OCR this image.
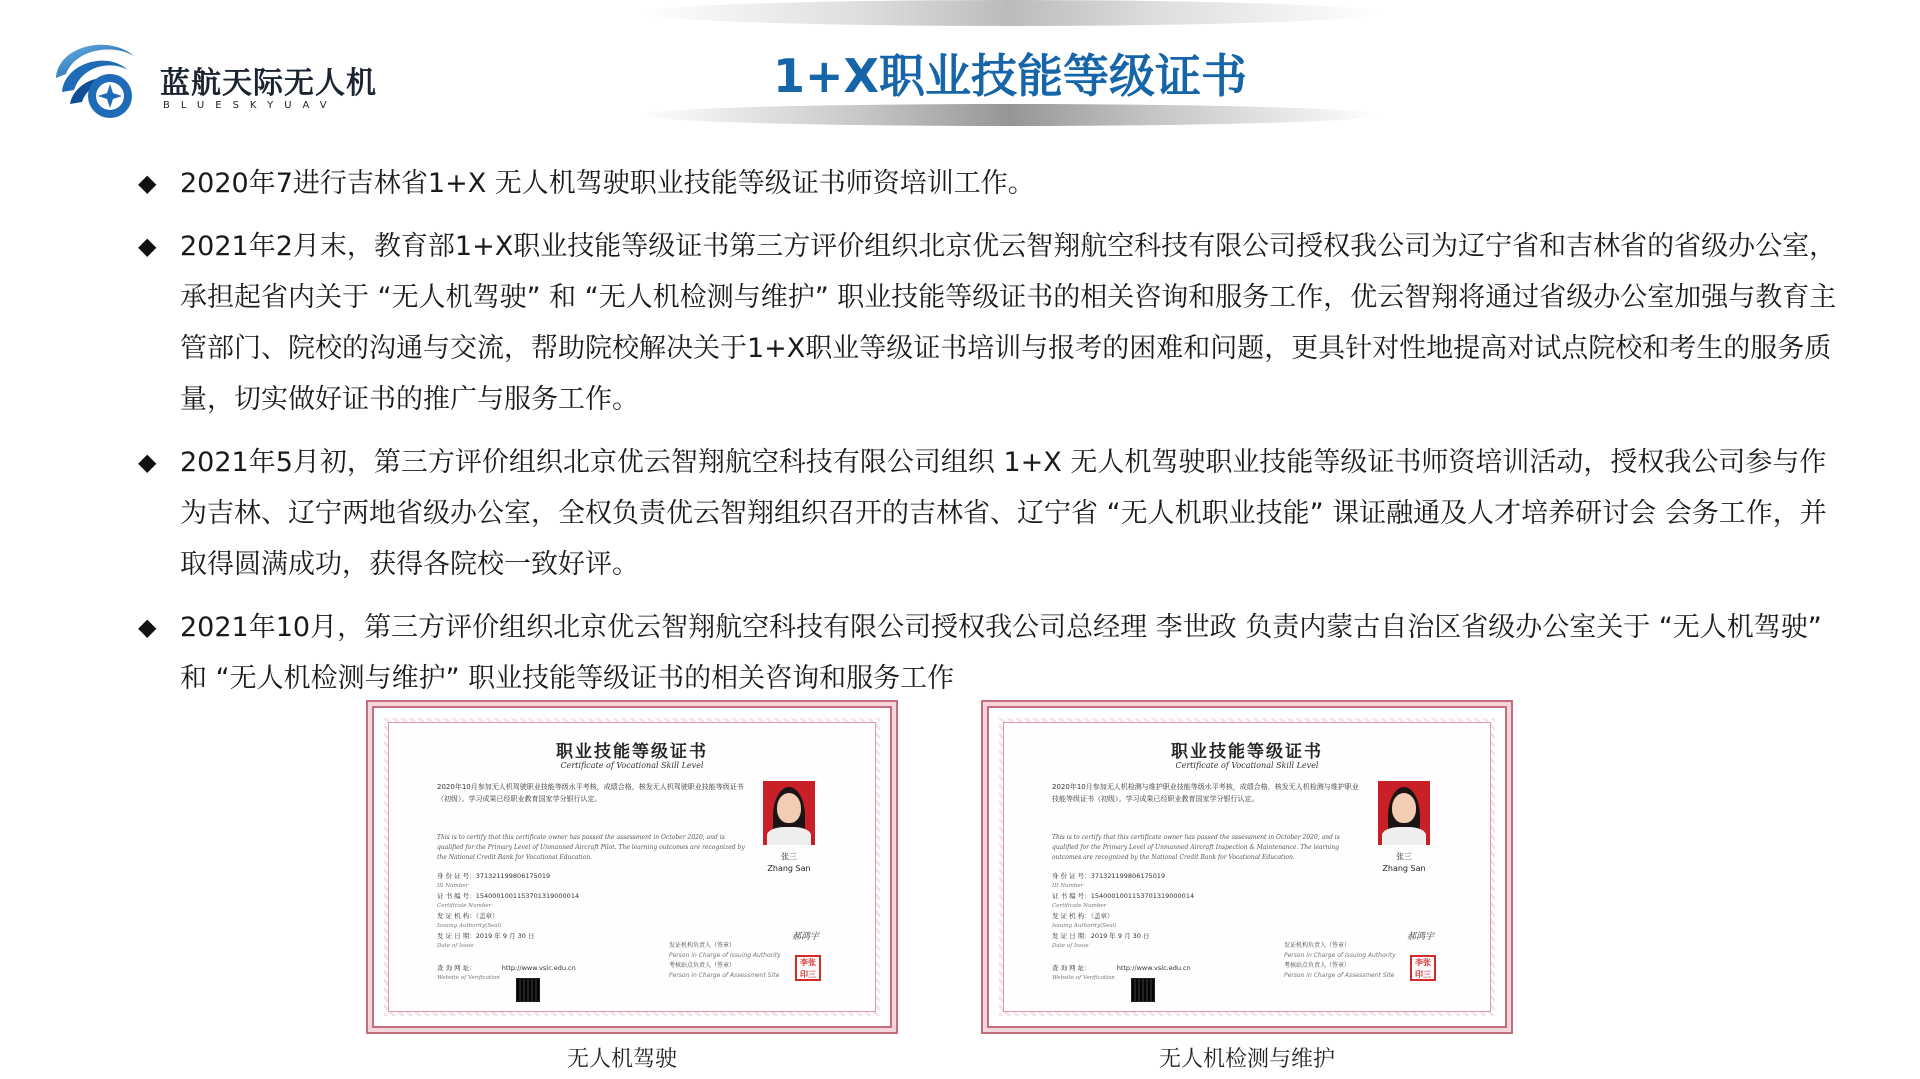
蓝航天际无人机
BLUESKYUAV
1+X职业技能等级证书
◆ 2020年7进行吉林省1+X 无人机驾驶职业技能等级证书师资培训工作。
◆ 2021年2月末，教育部1+X职业技能等级证书第三方评价组织北京优云智翔航空科技有限公司授权我公司为辽宁省和吉林省的省级办公室，承担起省内关于 “无人机驾驶” 和 “无人机检测与维护” 职业技能等级证书的相关咨询和服务工作，优云智翔将通过省级办公室加强与教育主管部门、院校的沟通与交流，帮助院校解决关于1+X职业等级证书培训与报考的困难和问题，更具针对性地提高对试点院校和考生的服务质量，切实做好证书的推广与服务工作。
◆ 2021年5月初，第三方评价组织北京优云智翔航空科技有限公司组织 1+X 无人机驾驶职业技能等级证书师资培训活动，授权我公司参与作为吉林、辽宁两地省级办公室，全权负责优云智翔组织召开的吉林省、辽宁省 “无人机职业技能” 课证融通及人才培养研讨会 会务工作，并取得圆满成功，获得各院校一致好评。
◆ 2021年10月，第三方评价组织北京优云智翔航空科技有限公司授权我公司总经理 李世政 负责内蒙古自治区省级办公室关于 “无人机驾驶” 和 “无人机检测与维护” 职业技能等级证书的相关咨询和服务工作
职业技能等级证书
Certificate of Vocational Skill Level
2020年10月参加无人机驾驶职业技能等级水平考核，成绩合格，核发无人机驾驶职业技能等级证书（初级）。学习成果已经职业教育国家学分银行认定。
This is to certify that this certificate owner has passed the assessment in October 2020, and is qualified for the Primary Level of Unmanned Aircraft Pilot. The learning outcomes are recognized by the National Credit Bank for Vocational Education.	张三
Zhang San
身 份 证 号：371321199806175019
ID Number
证 书 编 号：1540001001153701319000014
Certificate Number
发 证 机 构：（盖章）
Issuing Authority(Seal)
发 证 日 期：2019 年 9 月 30 日
Date of Issue
查 询 网 址：	http://www.vslc.edu.cn
Website of Verification
发证机构负责人（签章）
Person in Charge of Issuing Authority
考核站点负责人（签章）
Person in Charge of Assessment Site
郝鸿宇
李张 印三
无人机驾驶
职业技能等级证书
Certificate of Vocational Skill Level
2020年10月参加无人机检测与维护职业技能等级水平考核，成绩合格，核发无人机检测与维护职业技能等级证书（初级）。学习成果已经职业教育国家学分银行认定。
This is to certify that this certificate owner has passed the assessment in October 2020, and is qualified for the Primary Level of Unmanned Aircraft Inspection & Maintenance. The learning outcomes are recognized by the National Credit Bank for Vocational Education.	张三
Zhang San
身 份 证 号：371321199806175019
ID Number
证 书 编 号：1540001001153701319000014
Certificate Number
发 证 机 构：（盖章）
Issuing Authority(Seal)
发 证 日 期：2019 年 9 月 30 日
Date of Issue
查 询 网 址：	http://www.vslc.edu.cn
Website of Verification
发证机构负责人（签章）
Person in Charge of Issuing Authority
考核站点负责人（签章）
Person in Charge of Assessment Site
郝鸿宇
李张 印三
无人机检测与维护
